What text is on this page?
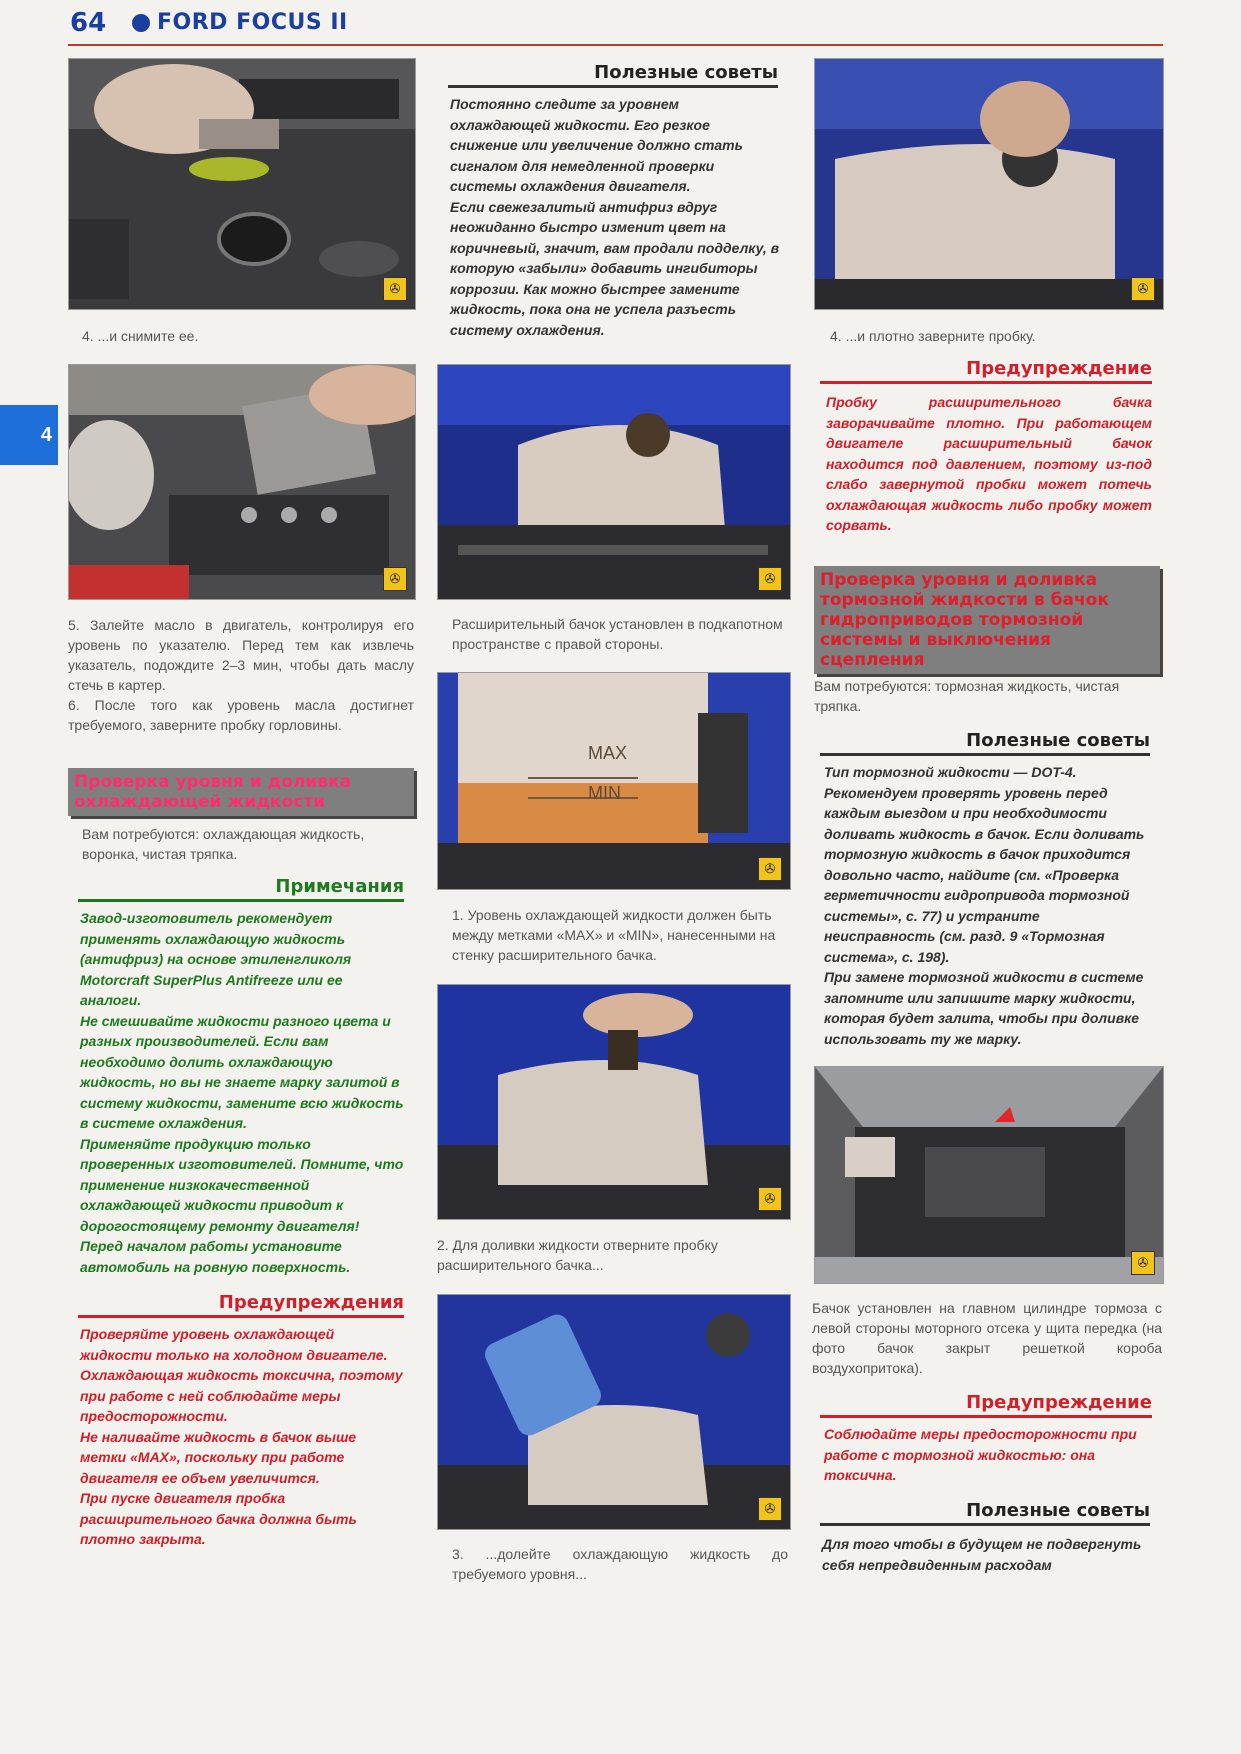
64 FORD FOCUS II
4
✇
4. ...и снимите ее.
✇

5. Залейте масло в двигатель, контролируя его уровень по указателю. Перед тем как извлечь указатель, подождите 2–3 мин, чтобы дать маслу стечь в картер.

6. После того как уровень масла достигнет требуемого, заверните пробку горловины.

Проверка уровня и доливка охлаждающей жидкости
Вам потребуются: охлаждающая жидкость, воронка, чистая тряпка.
Примечания

Завод-изготовитель рекомендует применять охлаждающую жидкость (антифриз) на основе этиленгликоля Motorcraft SuperPlus Antifreeze или ее аналоги.

Не смешивайте жидкости разного цвета и разных производителей. Если вам необходимо долить охлаждающую жидкость, но вы не знаете марку залитой в систему жидкости, замените всю жидкость в системе охлаждения.

Применяйте продукцию только проверенных изготовителей. Помните, что применение низкокачественной охлаждающей жидкости приводит к дорогостоящему ремонту двигателя!

Перед началом работы установите автомобиль на ровную поверхность.

Предупреждения

Проверяйте уровень охлаждающей жидкости только на холодном двигателе.

Охлаждающая жидкость токсична, поэтому при работе с ней соблюдайте меры предосторожности.

Не наливайте жидкость в бачок выше метки «MAX», поскольку при работе двигателя ее объем увеличится.

При пуске двигателя пробка расширительного бачка должна быть плотно закрыта.

Полезные советы

Постоянно следите за уровнем охлаждающей жидкости. Его резкое снижение или увеличение должно стать сигналом для немедленной проверки системы охлаждения двигателя.

Если свежезалитый антифриз вдруг неожиданно быстро изменит цвет на коричневый, значит, вам продали подделку, в которую «забыли» добавить ингибиторы коррозии. Как можно быстрее замените жидкость, пока она не успела разъесть систему охлаждения.

✇
Расширительный бачок установлен в подкапотном пространстве с правой стороны.
MAX
MIN
✇
1. Уровень охлаждающей жидкости должен быть между метками «MAX» и «MIN», нанесенными на стенку расширительного бачка.
✇
2. Для доливки жидкости отверните пробку расширительного бачка...
✇
3. ...долейте охлаждающую жидкость до требуемого уровня...
✇
4. ...и плотно заверните пробку.
Предупреждение
Пробку расширительного бачка заворачивайте плотно. При работающем двигателе расширительный бачок находится под давлением, поэтому из-под слабо завернутой пробки может потечь охлаждающая жидкость либо пробку может сорвать.
Проверка уровня и доливка тормозной жидкости в бачок гидроприводов тормозной системы и выключения сцепления
Вам потребуются: тормозная жидкость, чистая тряпка.
Полезные советы

Тип тормозной жидкости — DOT-4.

Рекомендуем проверять уровень перед каждым выездом и при необходимости доливать жидкость в бачок. Если доливать тормозную жидкость в бачок приходится довольно часто, найдите (см. «Проверка герметичности гидропривода тормозной системы», с. 77) и устраните неисправность (см. разд. 9 «Тормозная система», с. 198).

При замене тормозной жидкости в системе запомните или запишите марку жидкости, которая будет залита, чтобы при доливке использовать ту же марку.

✇
Бачок установлен на главном цилиндре тормоза с левой стороны моторного отсека у щита передка (на фото бачок закрыт решеткой короба воздухопритока).
Предупреждение
Соблюдайте меры предосторожности при работе с тормозной жидкостью: она токсична.
Полезные советы
Для того чтобы в будущем не подвергнуть себя непредвиденным расходам
